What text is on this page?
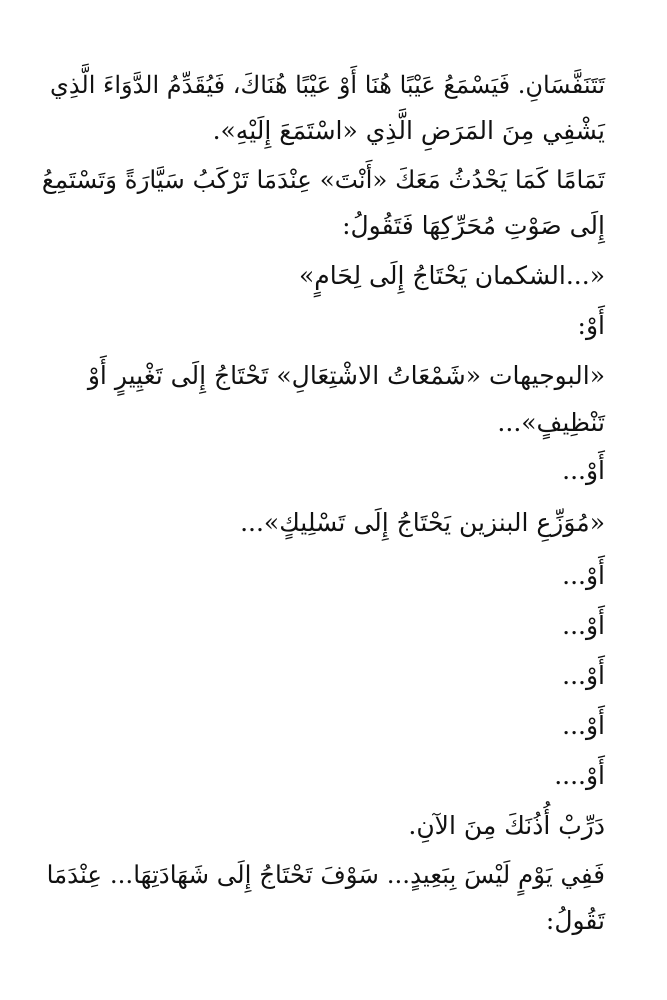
تَتَنَفَّسَانِ. فَيَسْمَعُ عَيْبًا هُنَا أَوْ عَيْبًا هُنَاكَ، فَيُقَدِّمُ الدَّوَاءَ الَّذِي
يَشْفِي مِنَ المَرَضِ الَّذِي «اسْتَمَعَ إِلَيْهِ».
تَمَامًا كَمَا يَحْدُثُ مَعَكَ «أَنْتَ» عِنْدَمَا تَرْكَبُ سَيَّارَةً وَتَسْتَمِعُ
إِلَى صَوْتِ مُحَرِّكِهَا فَتَقُولُ:
«...الشكمان يَحْتَاجُ إِلَى لِحَامٍ»
أَوْ:
«البوجيهات «شَمْعَاتُ الاشْتِعَالِ» تَحْتَاجُ إِلَى تَغْيِيرٍ أَوْ
تَنْظِيفٍ»...
أَوْ...
«مُوَزِّعِ البنزين يَحْتَاجُ إِلَى تَسْلِيكٍ»...
أَوْ...
أَوْ...
أَوْ...
أَوْ...
أَوْ....
دَرِّبْ أُذُنَكَ مِنَ الآنِ.
فَفِي يَوْمٍ لَيْسَ بِبَعِيدٍ... سَوْفَ تَحْتَاجُ إِلَى شَهَادَتِهَا... عِنْدَمَا
تَقُولُ:
